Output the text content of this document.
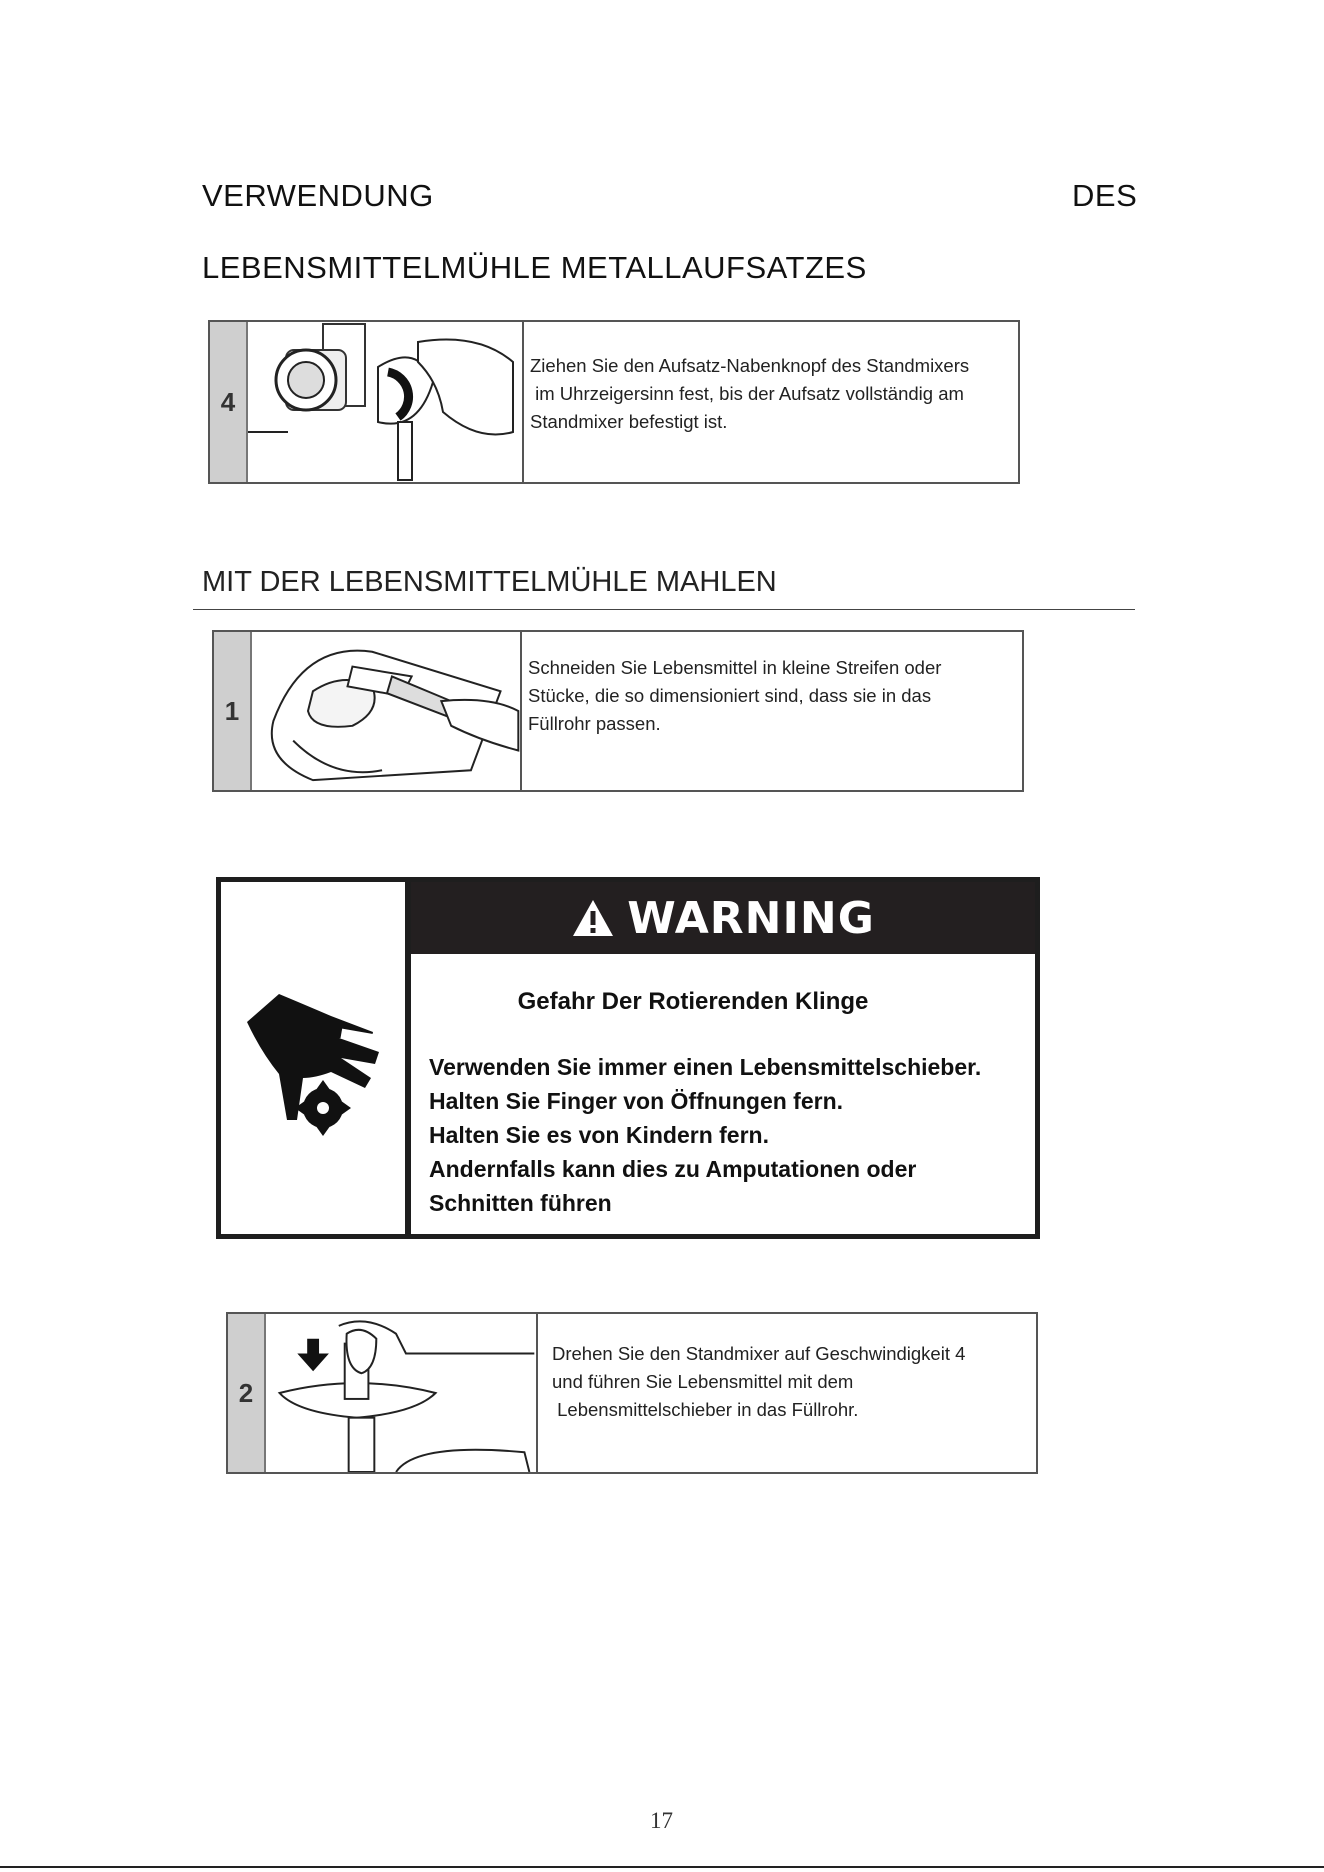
VERWENDUNG	DES
LEBENSMITTELMÜHLE METALLAUFSATZES
4
Ziehen Sie den Aufsatz-Nabenknopf des Standmixers
im Uhrzeigersinn fest, bis der Aufsatz vollständig am
Standmixer befestigt ist.
MIT DER LEBENSMITTELMÜHLE MAHLEN
1
Schneiden Sie Lebensmittel in kleine Streifen oder
Stücke, die so dimensioniert sind, dass sie in das
Füllrohr passen.
WARNING
Gefahr Der Rotierenden Klinge
Verwenden Sie immer einen Lebensmittelschieber.
Halten Sie Finger von Öffnungen fern.
Halten Sie es von Kindern fern.
Andernfalls kann dies zu Amputationen oder
Schnitten führen
2
Drehen Sie den Standmixer auf Geschwindigkeit 4
und führen Sie Lebensmittel mit dem
Lebensmittelschieber in das Füllrohr.
17
